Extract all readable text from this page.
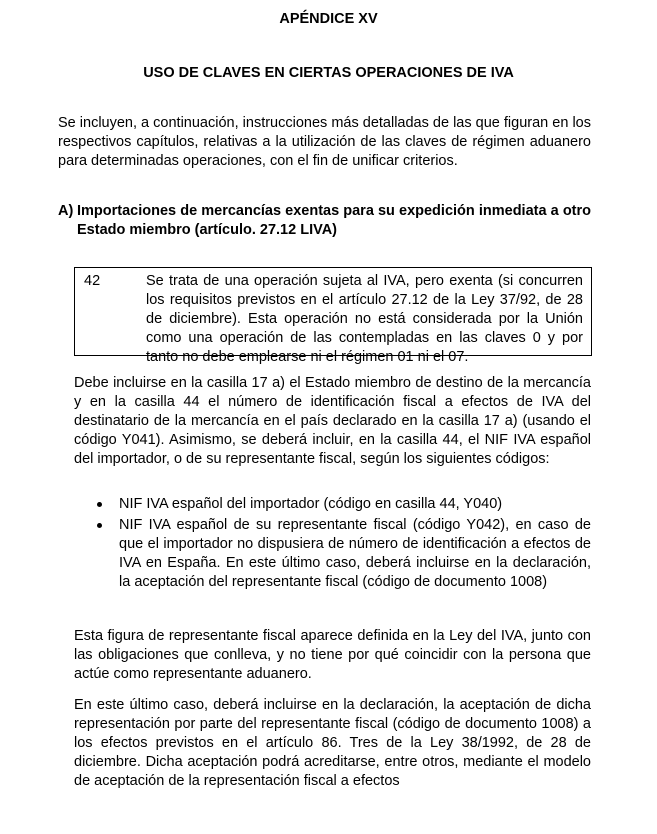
APÉNDICE XV
USO DE CLAVES EN CIERTAS OPERACIONES DE IVA

Se incluyen, a continuación, instrucciones más detalladas de las que figuran en los respectivos capítulos, relativas a la utilización de las claves de régimen aduanero para determinadas operaciones, con el fin de unificar criterios.

A) Importaciones de mercancías exentas para su expedición inmediata a otro Estado miembro (artículo. 27.12 LIVA)
42	Se trata de una operación sujeta al IVA, pero exenta (si concurren los requisitos previstos en el artículo 27.12 de la Ley 37/92, de 28 de diciembre). Esta operación no está considerada por la Unión como una operación de las contempladas en las claves 0 y por tanto no debe emplearse ni el régimen 01 ni el 07.

Debe incluirse en la casilla 17 a) el Estado miembro de destino de la mercancía y en la casilla 44 el número de identificación fiscal a efectos de IVA del destinatario de la mercancía en el país declarado en la casilla 17 a) (usando el código Y041). Asimismo, se deberá incluir, en la casilla 44, el NIF IVA español del importador, o de su representante fiscal, según los siguientes códigos:

NIF IVA español del importador (código en casilla 44, Y040)
NIF IVA español de su representante fiscal (código Y042), en caso de que el importador no dispusiera de número de identificación a efectos de IVA en España. En este último caso, deberá incluirse en la declaración, la aceptación del representante fiscal (código de documento 1008)

Esta figura de representante fiscal aparece definida en la Ley del IVA, junto con las obligaciones que conlleva, y no tiene por qué coincidir con la persona que actúe como representante aduanero.

En este último caso, deberá incluirse en la declaración, la aceptación de dicha representación por parte del representante fiscal (código de documento 1008) a los efectos previstos en el artículo 86. Tres de la Ley 38/1992, de 28 de diciembre. Dicha aceptación podrá acreditarse, entre otros, mediante el modelo de aceptación de la representación fiscal a efectos
